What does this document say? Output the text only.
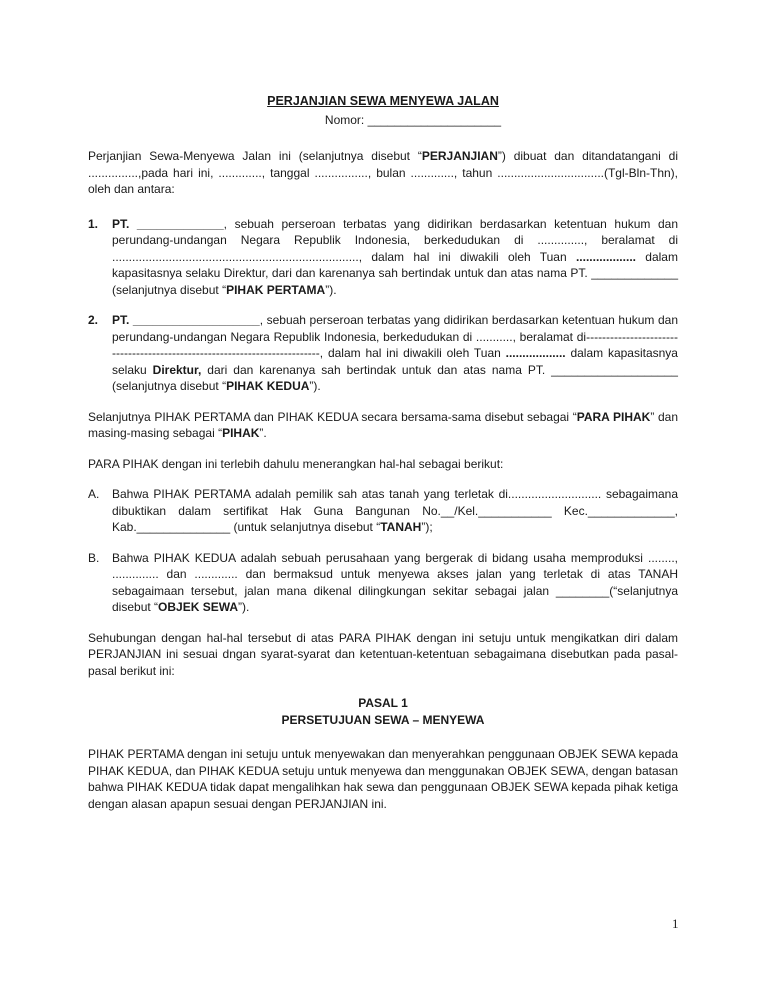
PERJANJIAN SEWA MENYEWA JALAN
Nomor: ____________________

Perjanjian Sewa-Menyewa Jalan ini (selanjutnya disebut “PERJANJIAN”) dibuat dan ditandatangani di ...............,pada hari ini, ............., tanggal ................, bulan ............., tahun ................................(Tgl-Bln-Thn), oleh dan antara:

1.	PT. _____________, sebuah perseroan terbatas yang didirikan berdasarkan ketentuan hukum dan perundang-undangan Negara Republik Indonesia, berkedudukan di .............., beralamat di .........................................................................., dalam hal ini diwakili oleh Tuan .................. dalam kapasitasnya selaku Direktur, dari dan karenanya sah bertindak untuk dan atas nama PT. _____________ (selanjutnya disebut “PIHAK PERTAMA”).
2.	PT. ___________________, sebuah perseroan terbatas yang didirikan berdasarkan ketentuan hukum dan perundang-undangan Negara Republik Indonesia, berkedudukan di ..........., beralamat di---------------------------------------------------------------------------, dalam hal ini diwakili oleh Tuan .................. dalam kapasitasnya selaku Direktur, dari dan karenanya sah bertindak untuk dan atas nama PT. ___________________ (selanjutnya disebut “PIHAK KEDUA”).

Selanjutnya PIHAK PERTAMA dan PIHAK KEDUA secara bersama-sama disebut sebagai “PARA PIHAK” dan masing-masing sebagai “PIHAK”.

PARA PIHAK dengan ini terlebih dahulu menerangkan hal-hal sebagai berikut:

A.	Bahwa PIHAK PERTAMA adalah pemilik sah atas tanah yang terletak di............................ sebagaimana dibuktikan dalam sertifikat Hak Guna Bangunan No.__/Kel.___________ Kec._____________, Kab.______________ (untuk selanjutnya disebut “TANAH”);
B.	Bahwa PIHAK KEDUA adalah sebuah perusahaan yang bergerak di bidang usaha memproduksi ........, .............. dan ............. dan bermaksud untuk menyewa akses jalan yang terletak di atas TANAH sebagaimaan tersebut, jalan mana dikenal dilingkungan sekitar sebagai jalan ________(“selanjutnya disebut “OBJEK SEWA”).

Sehubungan dengan hal-hal tersebut di atas PARA PIHAK dengan ini setuju untuk mengikatkan diri dalam PERJANJIAN ini sesuai dngan syarat-syarat dan ketentuan-ketentuan sebagaimana disebutkan pada pasal-pasal berikut ini:

PASAL 1
PERSETUJUAN SEWA – MENYEWA

PIHAK PERTAMA dengan ini setuju untuk menyewakan dan menyerahkan penggunaan OBJEK SEWA kepada PIHAK KEDUA, dan PIHAK KEDUA setuju untuk menyewa dan menggunakan OBJEK SEWA, dengan batasan bahwa PIHAK KEDUA tidak dapat mengalihkan hak sewa dan penggunaan OBJEK SEWA kepada pihak ketiga dengan alasan apapun sesuai dengan PERJANJIAN ini.

1
